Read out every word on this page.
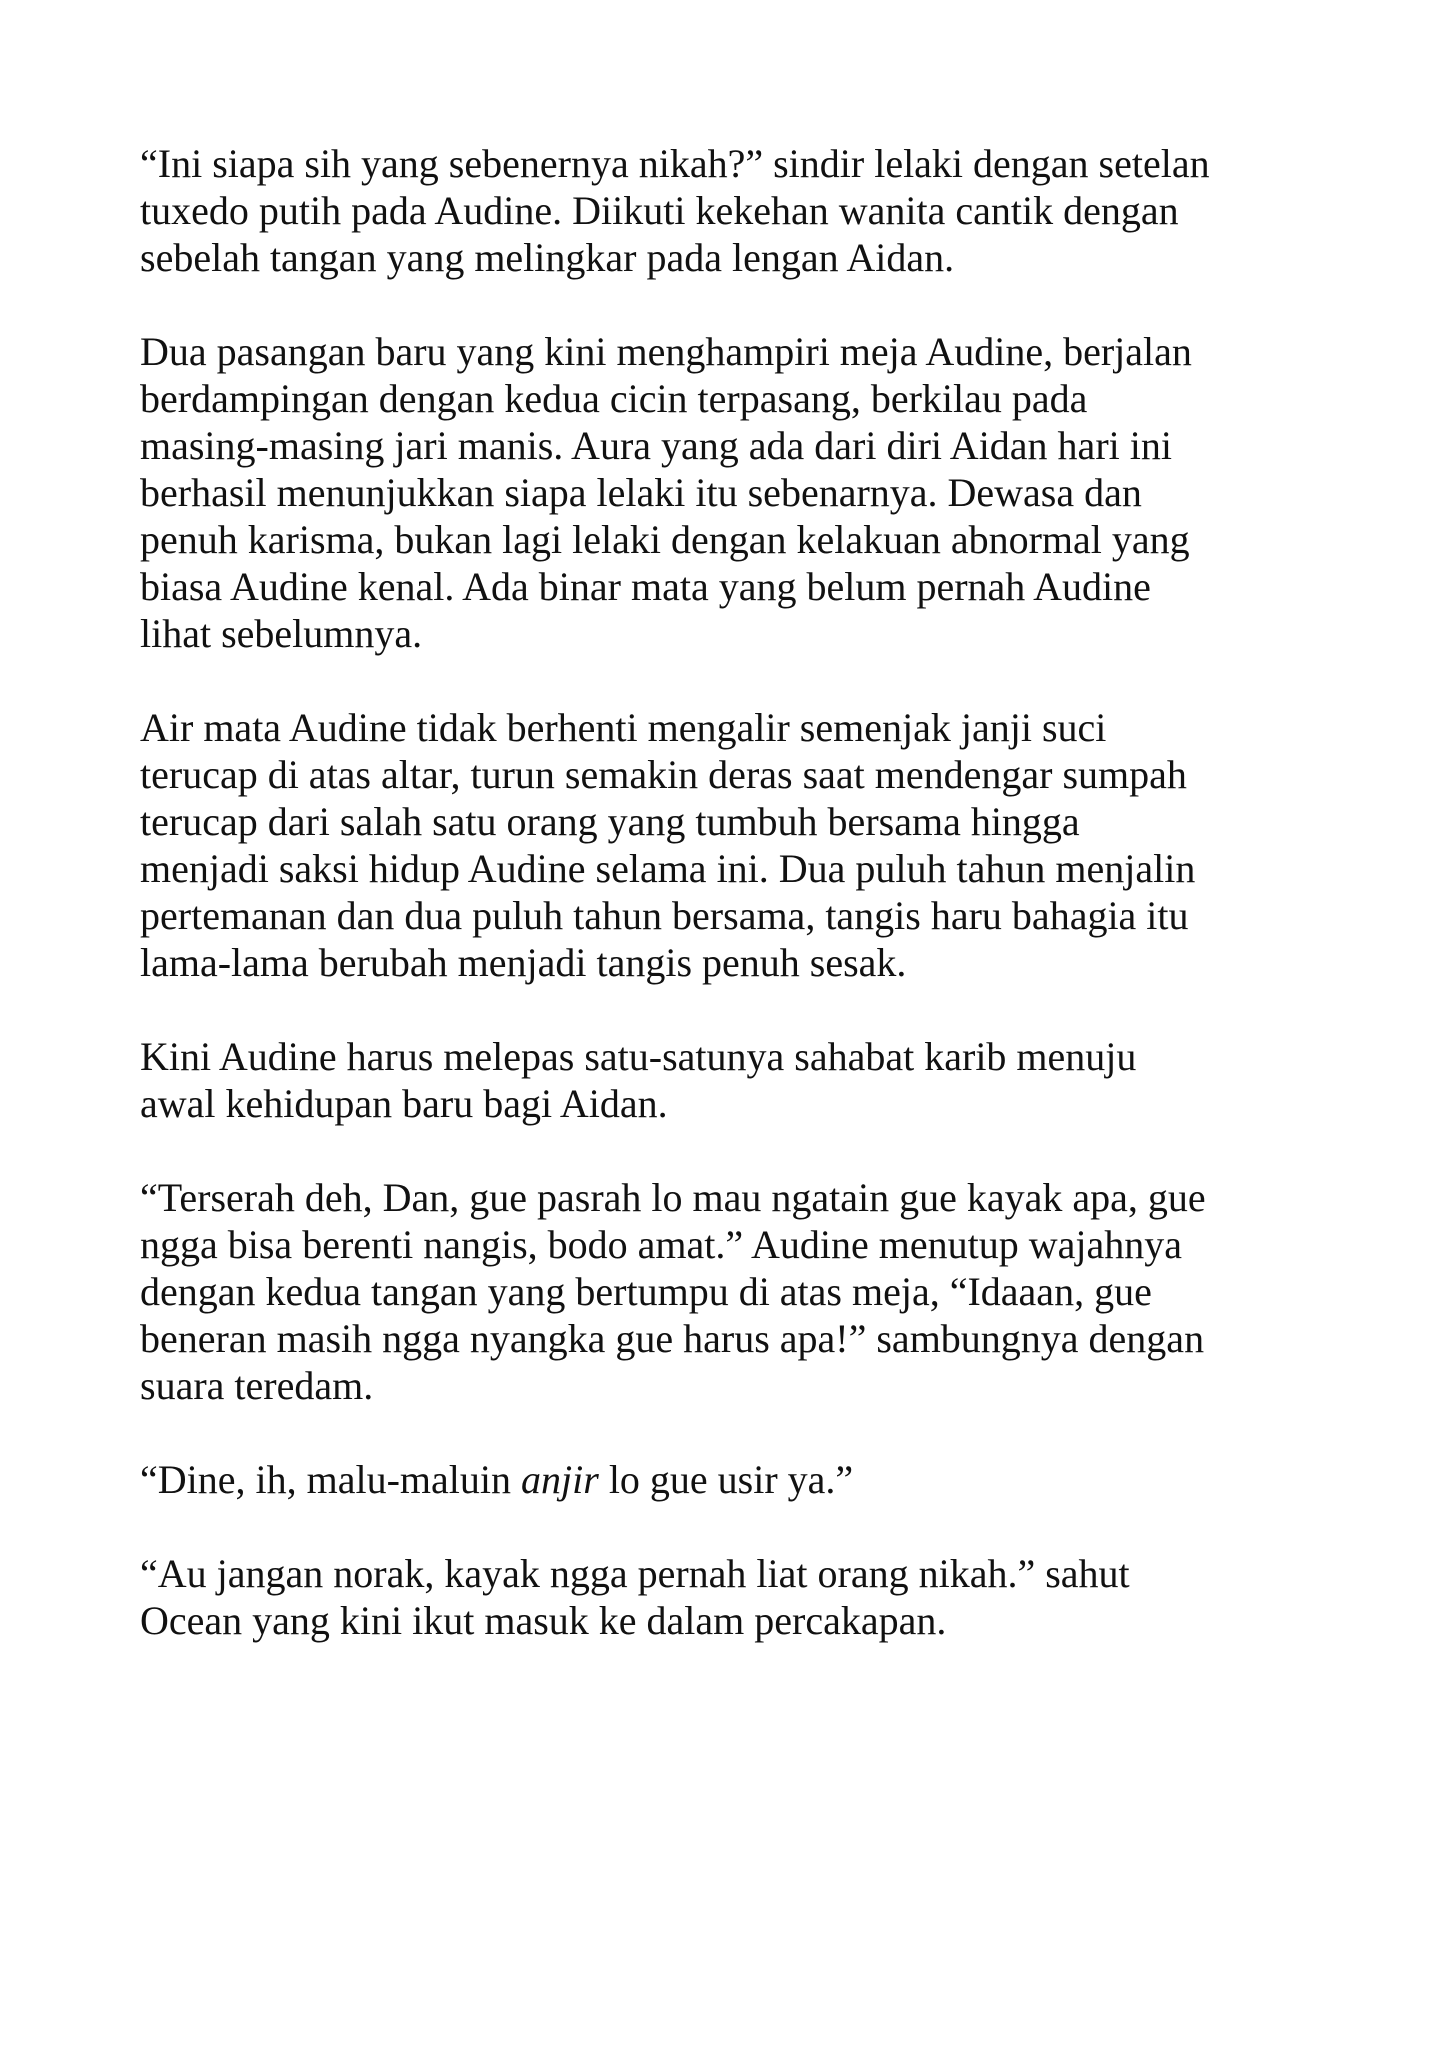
“Ini siapa sih yang sebenernya nikah?” sindir lelaki dengan setelan
tuxedo putih pada Audine. Diikuti kekehan wanita cantik dengan
sebelah tangan yang melingkar pada lengan Aidan.

Dua pasangan baru yang kini menghampiri meja Audine, berjalan
berdampingan dengan kedua cicin terpasang, berkilau pada
masing-masing jari manis. Aura yang ada dari diri Aidan hari ini
berhasil menunjukkan siapa lelaki itu sebenarnya. Dewasa dan
penuh karisma, bukan lagi lelaki dengan kelakuan abnormal yang
biasa Audine kenal. Ada binar mata yang belum pernah Audine
lihat sebelumnya.

Air mata Audine tidak berhenti mengalir semenjak janji suci
terucap di atas altar, turun semakin deras saat mendengar sumpah
terucap dari salah satu orang yang tumbuh bersama hingga
menjadi saksi hidup Audine selama ini. Dua puluh tahun menjalin
pertemanan dan dua puluh tahun bersama, tangis haru bahagia itu
lama-lama berubah menjadi tangis penuh sesak.

Kini Audine harus melepas satu-satunya sahabat karib menuju
awal kehidupan baru bagi Aidan.

“Terserah deh, Dan, gue pasrah lo mau ngatain gue kayak apa, gue
ngga bisa berenti nangis, bodo amat.” Audine menutup wajahnya
dengan kedua tangan yang bertumpu di atas meja, “Idaaan, gue
beneran masih ngga nyangka gue harus apa!” sambungnya dengan
suara teredam.

“Dine, ih, malu-maluin anjir lo gue usir ya.”

“Au jangan norak, kayak ngga pernah liat orang nikah.” sahut
Ocean yang kini ikut masuk ke dalam percakapan.
